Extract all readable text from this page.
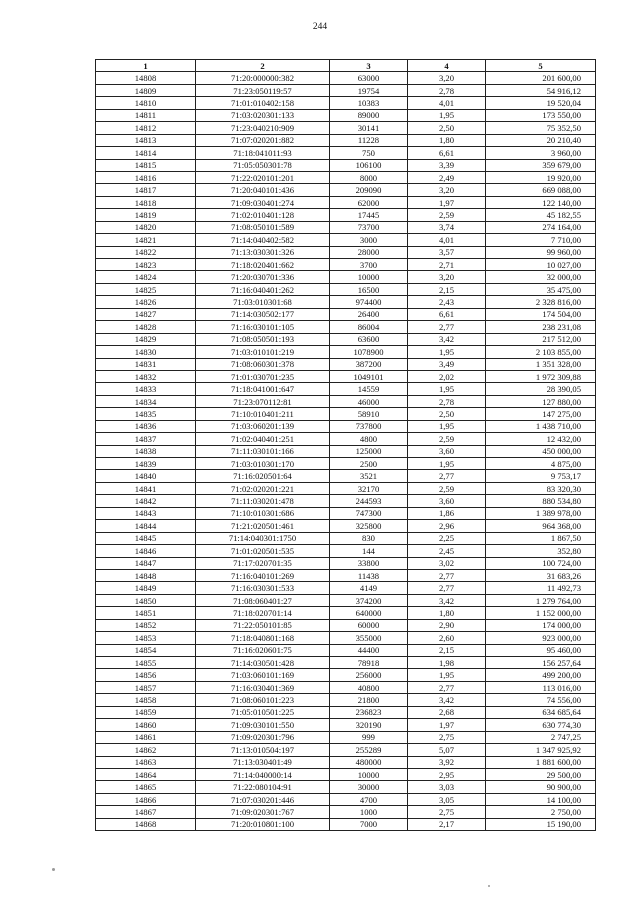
244
1	2	3	4	5
14808	71:20:000000:382	63000	3,20	201 600,00
14809	71:23:050119:57	19754	2,78	54 916,12
14810	71:01:010402:158	10383	4,01	19 520,04
14811	71:03:020301:133	89000	1,95	173 550,00
14812	71:23:040210:909	30141	2,50	75 352,50
14813	71:07:020201:882	11228	1,80	20 210,40
14814	71:18:041011:93	750	6,61	3 960,00
14815	71:05:050301:78	106100	3,39	359 679,00
14816	71:22:020101:201	8000	2,49	19 920,00
14817	71:20:040101:436	209090	3,20	669 088,00
14818	71:09:030401:274	62000	1,97	122 140,00
14819	71:02:010401:128	17445	2,59	45 182,55
14820	71:08:050101:589	73700	3,74	274 164,00
14821	71:14:040402:582	3000	4,01	7 710,00
14822	71:13:030301:326	28000	3,57	99 960,00
14823	71:18:020401:662	3700	2,71	10 027,00
14824	71:20:030701:336	10000	3,20	32 000,00
14825	71:16:040401:262	16500	2,15	35 475,00
14826	71:03:010301:68	974400	2,43	2 328 816,00
14827	71:14:030502:177	26400	6,61	174 504,00
14828	71:16:030101:105	86004	2,77	238 231,08
14829	71:08:050501:193	63600	3,42	217 512,00
14830	71:03:010101:219	1078900	1,95	2 103 855,00
14831	71:08:060301:378	387200	3,49	1 351 328,00
14832	71:01:030701:235	1049101	2,02	1 972 309,88
14833	71:18:041001:647	14559	1,95	28 390,05
14834	71:23:070112:81	46000	2,78	127 880,00
14835	71:10:010401:211	58910	2,50	147 275,00
14836	71:03:060201:139	737800	1,95	1 438 710,00
14837	71:02:040401:251	4800	2,59	12 432,00
14838	71:11:030101:166	125000	3,60	450 000,00
14839	71:03:010301:170	2500	1,95	4 875,00
14840	71:16:020501:64	3521	2,77	9 753,17
14841	71:02:020201:221	32170	2,59	83 320,30
14842	71:11:030201:478	244593	3,60	880 534,80
14843	71:10:010301:686	747300	1,86	1 389 978,00
14844	71:21:020501:461	325800	2,96	964 368,00
14845	71:14:040301:1750	830	2,25	1 867,50
14846	71:01:020501:535	144	2,45	352,80
14847	71:17:020701:35	33800	3,02	100 724,00
14848	71:16:040101:269	11438	2,77	31 683,26
14849	71:16:030301:533	4149	2,77	11 492,73
14850	71:08:060401:27	374200	3,42	1 279 764,00
14851	71:18:020701:14	640000	1,80	1 152 000,00
14852	71:22:050101:85	60000	2,90	174 000,00
14853	71:18:040801:168	355000	2,60	923 000,00
14854	71:16:020601:75	44400	2,15	95 460,00
14855	71:14:030501:428	78918	1,98	156 257,64
14856	71:03:060101:169	256000	1,95	499 200,00
14857	71:16:030401:369	40800	2,77	113 016,00
14858	71:08:060101:223	21800	3,42	74 556,00
14859	71:05:010501:225	236823	2,68	634 685,64
14860	71:09:030101:550	320190	1,97	630 774,30
14861	71:09:020301:796	999	2,75	2 747,25
14862	71:13:010504:197	255289	5,07	1 347 925,92
14863	71:13:030401:49	480000	3,92	1 881 600,00
14864	71:14:040000:14	10000	2,95	29 500,00
14865	71:22:080104:91	30000	3,03	90 900,00
14866	71:07:030201:446	4700	3,05	14 100,00
14867	71:09:020301:767	1000	2,75	2 750,00
14868	71:20:010801:100	7000	2,17	15 190,00
